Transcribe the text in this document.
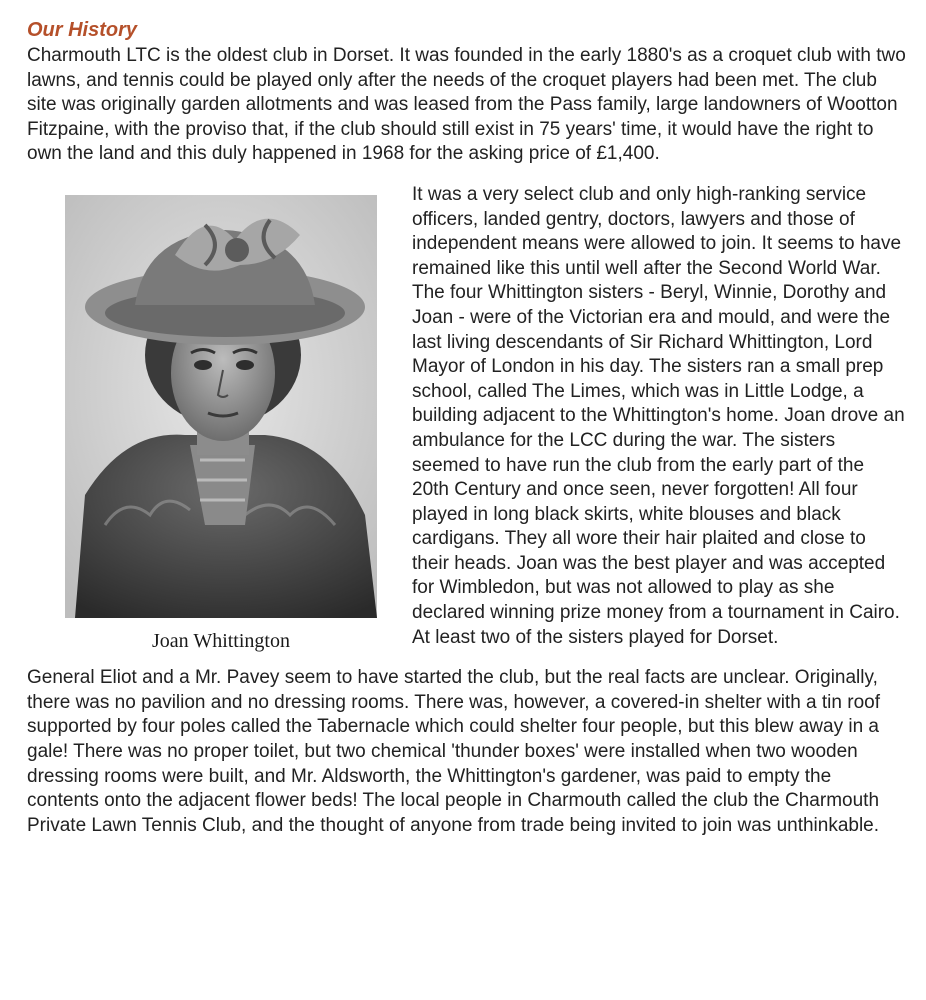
Our History

Charmouth LTC is the oldest club in Dorset. It was founded in the early 1880's as a croquet club with two lawns, and tennis could be played only after the needs of the croquet players had been met. The club site was originally garden allotments and was leased from the Pass family, large landowners of Wootton Fitzpaine, with the proviso that, if the club should still exist in 75 years' time, it would have the right to own the land and this duly happened in 1968 for the asking price of £1,400.

Joan Whittington

It was a very select club and only high-ranking service officers, landed gentry, doctors, lawyers and those of independent means were allowed to join. It seems to have remained like this until well after the Second World War. The four Whittington sisters - Beryl, Winnie, Dorothy and Joan - were of the Victorian era and mould, and were the last living descendants of Sir Richard Whittington, Lord Mayor of London in his day. The sisters ran a small prep school, called The Limes, which was in Little Lodge, a building adjacent to the Whittington's home. Joan drove an ambulance for the LCC during the war. The sisters seemed to have run the club from the early part of the 20th Century and once seen, never forgotten! All four played in long black skirts, white blouses and black cardigans. They all wore their hair plaited and close to their heads. Joan was the best player and was accepted for Wimbledon, but was not allowed to play as she declared winning prize money from a tournament in Cairo. At least two of the sisters played for Dorset.

General Eliot and a Mr. Pavey seem to have started the club, but the real facts are unclear. Originally, there was no pavilion and no dressing rooms. There was, however, a covered-in shelter with a tin roof supported by four poles called the Tabernacle which could shelter four people, but this blew away in a gale! There was no proper toilet, but two chemical 'thunder boxes' were installed when two wooden dressing rooms were built, and Mr. Aldsworth, the Whittington's gardener, was paid to empty the contents onto the adjacent flower beds! The local people in Charmouth called the club the Charmouth Private Lawn Tennis Club, and the thought of anyone from trade being invited to join was unthinkable.
